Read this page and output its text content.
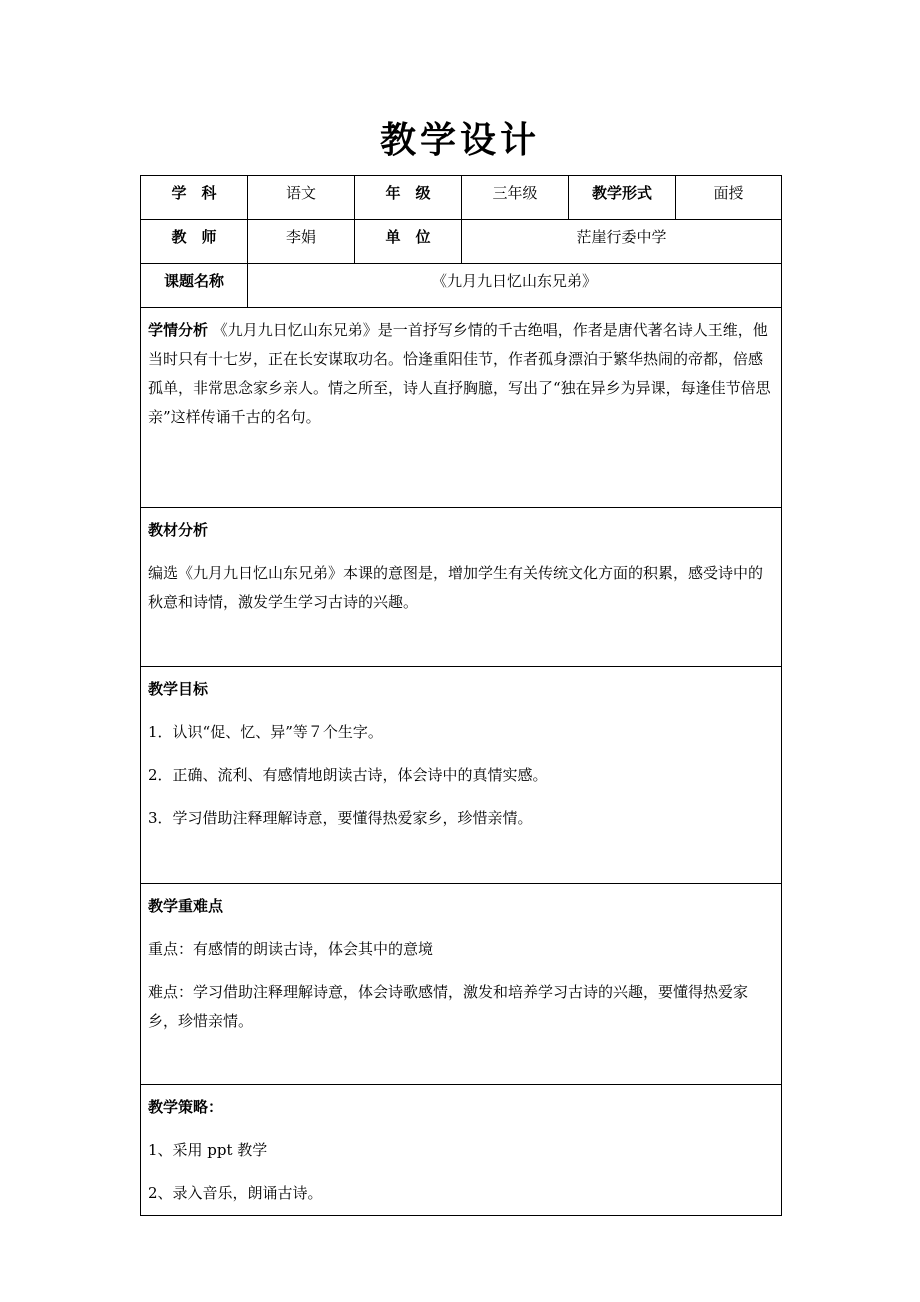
教学设计
学　科	语文	年　级	三年级	教学形式	面授
教　师	李娟	单　位	茫崖行委中学		
课题名称	《九月九日忆山东兄弟》				

学情分析 《九月九日忆山东兄弟》是一首抒写乡情的千古绝唱，作者是唐代著名诗人王维，他当时只有十七岁，正在长安谋取功名。恰逢重阳佳节，作者孤身漂泊于繁华热闹的帝都，倍感孤单，非常思念家乡亲人。情之所至，诗人直抒胸臆，写出了“独在异乡为异课，每逢佳节倍思亲”这样传诵千古的名句。					

教材分析

编选《九月九日忆山东兄弟》本课的意图是，增加学生有关传统文化方面的积累，感受诗中的秋意和诗情，激发学生学习古诗的兴趣。					

教学目标

1．认识“促、忆、异”等７个生字。

2．正确、流利、有感情地朗读古诗，体会诗中的真情实感。

3．学习借助注释理解诗意，要懂得热爱家乡，珍惜亲情。					

教学重难点

重点：有感情的朗读古诗，体会其中的意境

难点：学习借助注释理解诗意，体会诗歌感情，激发和培养学习古诗的兴趣，要懂得热爱家乡，珍惜亲情。					

教学策略：

1、采用 ppt 教学

2、录入音乐，朗诵古诗。					
